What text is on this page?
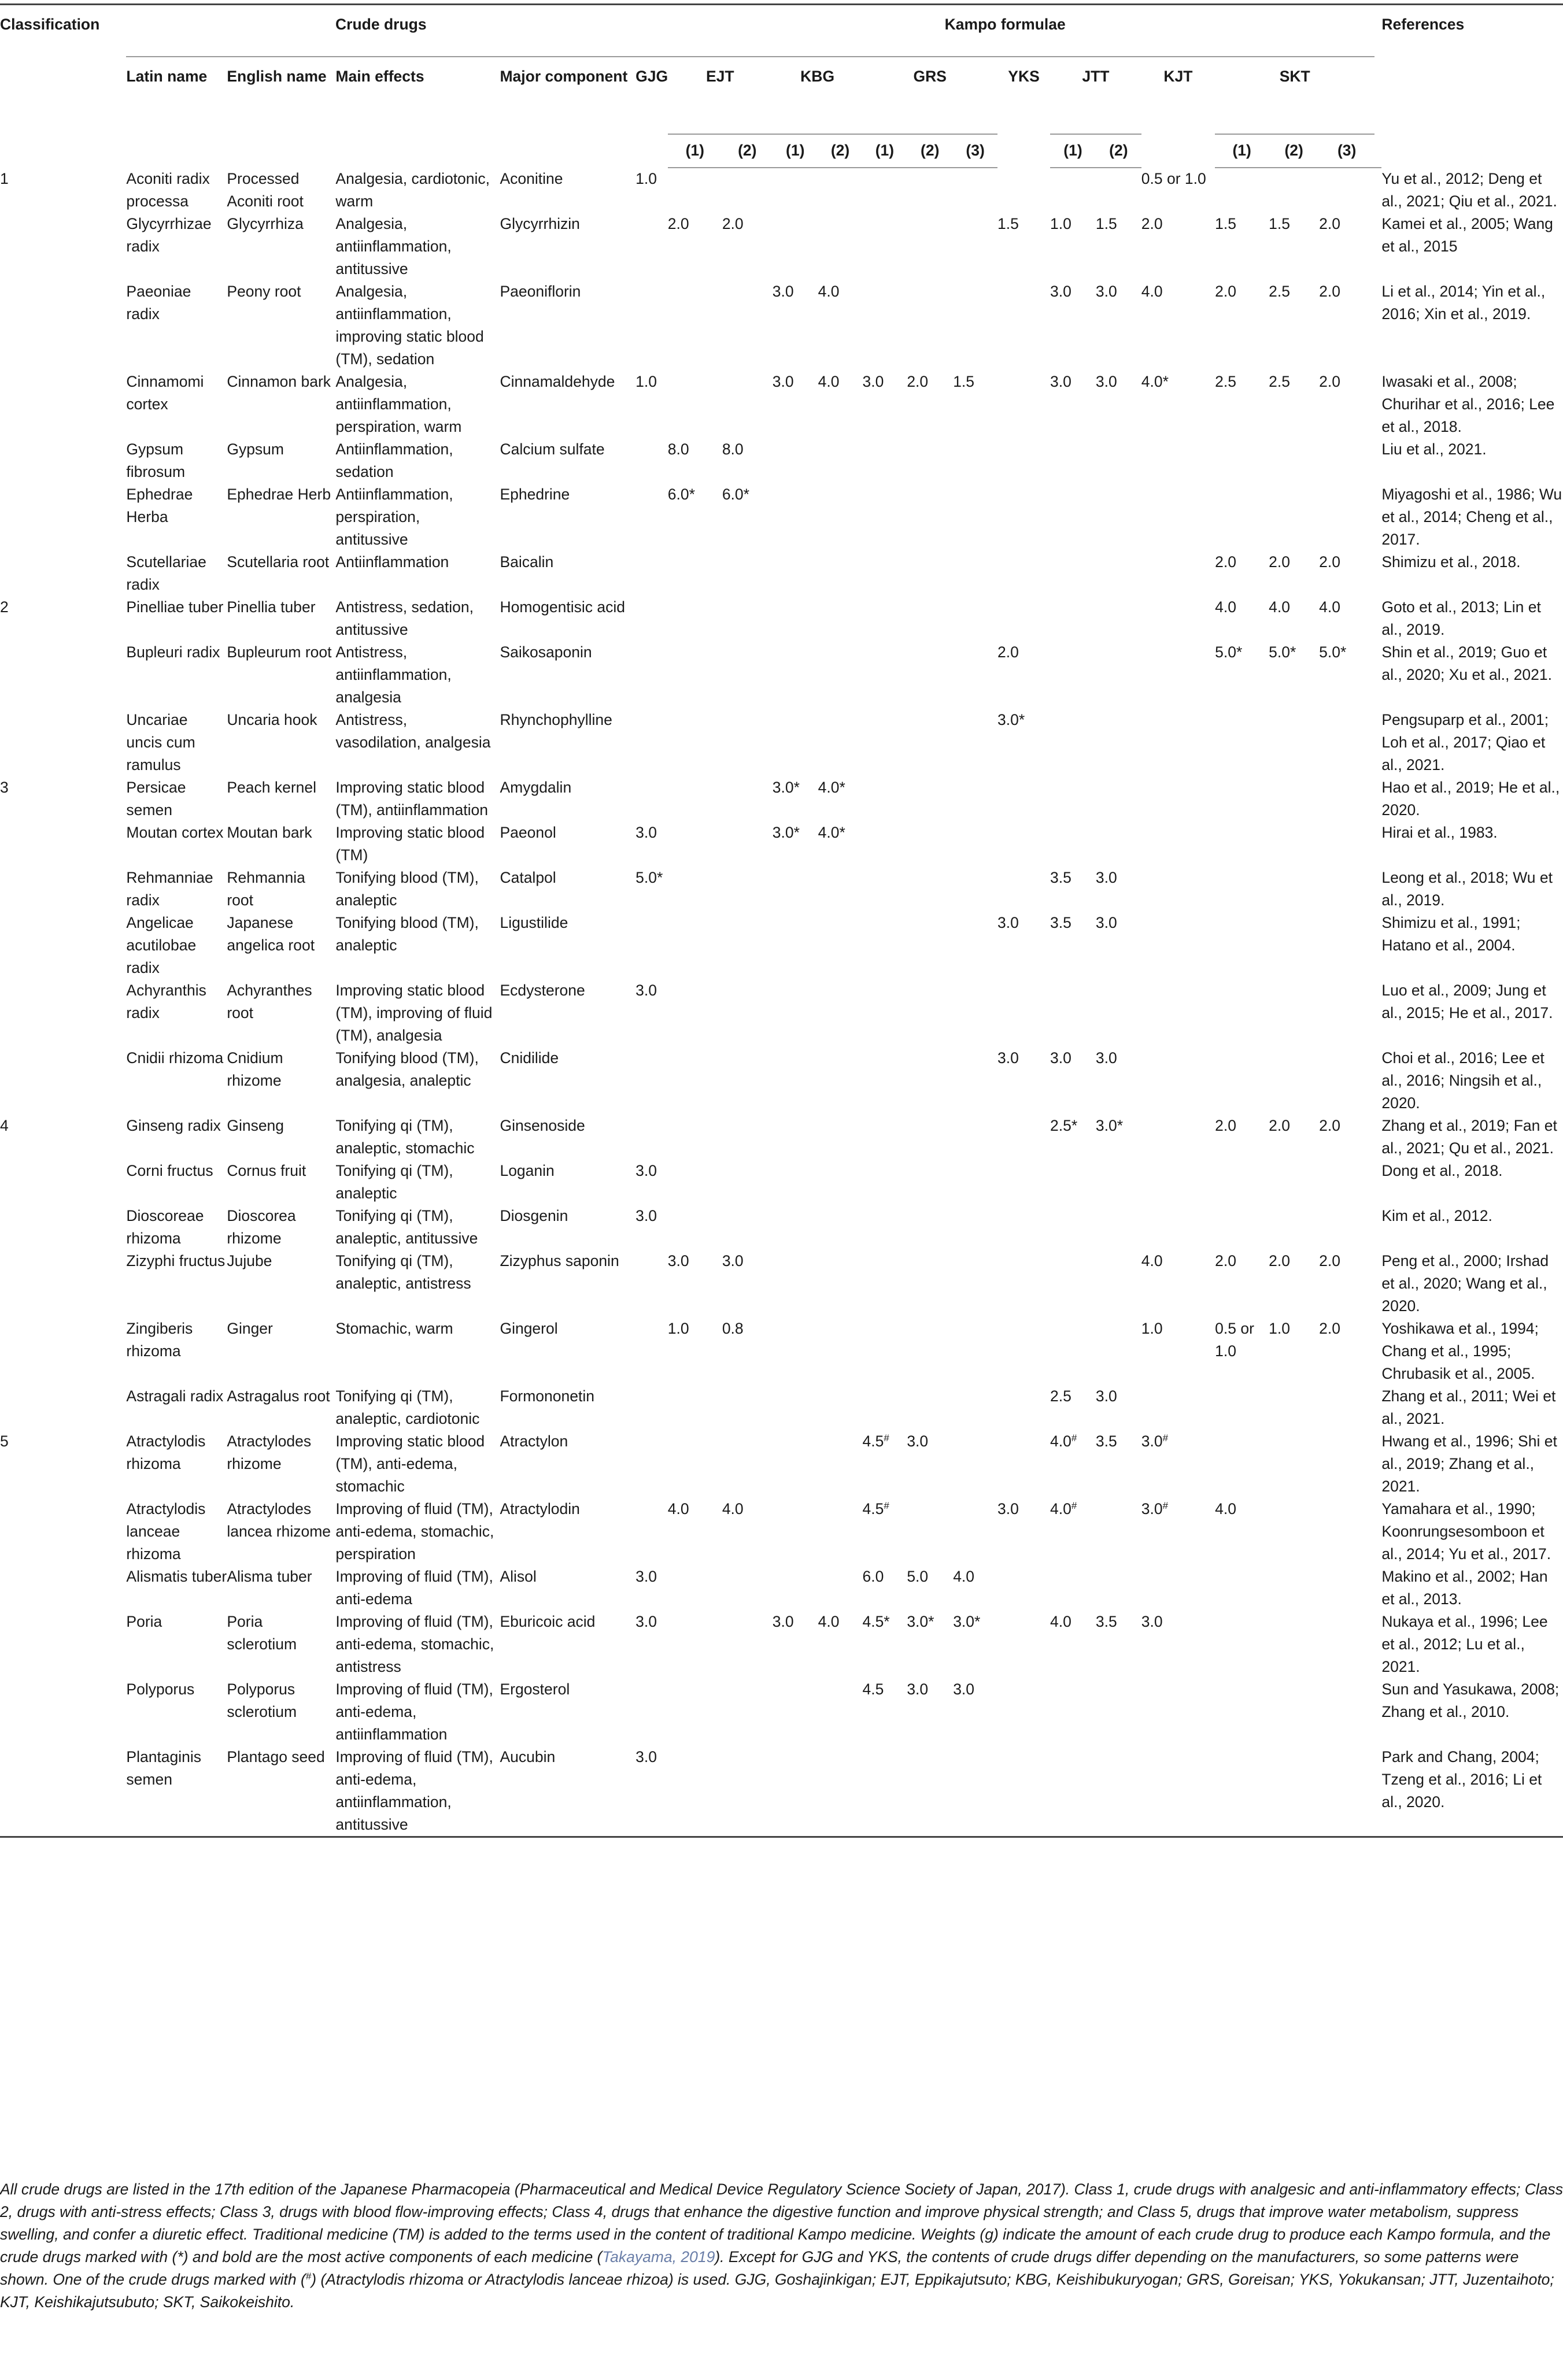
Classification	Crude drugs				Kampo formulae																References
	Latin name	English name	Main effects	Major component	GJG	EJT		KBG		GRS			YKS	JTT		KJT	SKT				
						(1)	(2)	(1)	(2)	(1)	(2)	(3)		(1)	(2)		(1)	(2)	(3)		
1	Aconiti radix processa	Processed Aconiti root	Analgesia, cardiotonic, warm	Aconitine	1.0											0.5 or 1.0					Yu et al., 2012; Deng et al., 2021; Qiu et al., 2021.
	Glycyrrhizae radix	Glycyrrhiza	Analgesia, antiinflammation, antitussive	Glycyrrhizin		2.0	2.0						1.5	1.0	1.5	2.0	1.5	1.5	2.0		Kamei et al., 2005; Wang et al., 2015
	Paeoniae radix	Peony root	Analgesia, antiinflammation, improving static blood (TM), sedation	Paeoniflorin				3.0	4.0					3.0	3.0	4.0	2.0	2.5	2.0		Li et al., 2014; Yin et al., 2016; Xin et al., 2019.
	Cinnamomi cortex	Cinnamon bark	Analgesia, antiinflammation, perspiration, warm	Cinnamaldehyde	1.0			3.0	4.0	3.0	2.0	1.5		3.0	3.0	4.0*	2.5	2.5	2.0		Iwasaki et al., 2008; Churihar et al., 2016; Lee et al., 2018.
	Gypsum fibrosum	Gypsum	Antiinflammation, sedation	Calcium sulfate		8.0	8.0														Liu et al., 2021.
	Ephedrae Herba	Ephedrae Herb	Antiinflammation, perspiration, antitussive	Ephedrine		6.0*	6.0*														Miyagoshi et al., 1986; Wu et al., 2014; Cheng et al., 2017.
	Scutellariae radix	Scutellaria root	Antiinflammation	Baicalin													2.0	2.0	2.0		Shimizu et al., 2018.
2	Pinelliae tuber	Pinellia tuber	Antistress, sedation, antitussive	Homogentisic acid													4.0	4.0	4.0		Goto et al., 2013; Lin et al., 2019.
	Bupleuri radix	Bupleurum root	Antistress, antiinflammation, analgesia	Saikosaponin									2.0				5.0*	5.0*	5.0*		Shin et al., 2019; Guo et al., 2020; Xu et al., 2021.
	Uncariae uncis cum ramulus	Uncaria hook	Antistress, vasodilation, analgesia	Rhynchophylline									3.0*								Pengsuparp et al., 2001; Loh et al., 2017; Qiao et al., 2021.
3	Persicae semen	Peach kernel	Improving static blood (TM), antiinflammation	Amygdalin				3.0*	4.0*												Hao et al., 2019; He et al., 2020.
	Moutan cortex	Moutan bark	Improving static blood (TM)	Paeonol	3.0			3.0*	4.0*												Hirai et al., 1983.
	Rehmanniae radix	Rehmannia root	Tonifying blood (TM), analeptic	Catalpol	5.0*									3.5	3.0						Leong et al., 2018; Wu et al., 2019.
	Angelicae acutilobae radix	Japanese angelica root	Tonifying blood (TM), analeptic	Ligustilide									3.0	3.5	3.0						Shimizu et al., 1991; Hatano et al., 2004.
	Achyranthis radix	Achyranthes root	Improving static blood (TM), improving of fluid (TM), analgesia	Ecdysterone	3.0																Luo et al., 2009; Jung et al., 2015; He et al., 2017.
	Cnidii rhizoma	Cnidium rhizome	Tonifying blood (TM), analgesia, analeptic	Cnidilide									3.0	3.0	3.0						Choi et al., 2016; Lee et al., 2016; Ningsih et al., 2020.
4	Ginseng radix	Ginseng	Tonifying qi (TM), analeptic, stomachic	Ginsenoside										2.5*	3.0*		2.0	2.0	2.0		Zhang et al., 2019; Fan et al., 2021; Qu et al., 2021.
	Corni fructus	Cornus fruit	Tonifying qi (TM), analeptic	Loganin	3.0																Dong et al., 2018.
	Dioscoreae rhizoma	Dioscorea rhizome	Tonifying qi (TM), analeptic, antitussive	Diosgenin	3.0																Kim et al., 2012.
	Zizyphi fructus	Jujube	Tonifying qi (TM), analeptic, antistress	Zizyphus saponin		3.0	3.0									4.0	2.0	2.0	2.0		Peng et al., 2000; Irshad et al., 2020; Wang et al., 2020.
	Zingiberis rhizoma	Ginger	Stomachic, warm	Gingerol		1.0	0.8									1.0	0.5 or 1.0	1.0	2.0		Yoshikawa et al., 1994; Chang et al., 1995; Chrubasik et al., 2005.
	Astragali radix	Astragalus root	Tonifying qi (TM), analeptic, cardiotonic	Formononetin										2.5	3.0						Zhang et al., 2011; Wei et al., 2021.
5	Atractylodis rhizoma	Atractylodes rhizome	Improving static blood (TM), anti-edema, stomachic	Atractylon						4.5#	3.0			4.0#	3.5	3.0#					Hwang et al., 1996; Shi et al., 2019; Zhang et al., 2021.
	Atractylodis lanceae rhizoma	Atractylodes lancea rhizome	Improving of fluid (TM), anti-edema, stomachic, perspiration	Atractylodin		4.0	4.0			4.5#			3.0	4.0#		3.0#	4.0				Yamahara et al., 1990; Koonrungsesomboon et al., 2014; Yu et al., 2017.
	Alismatis tuber	Alisma tuber	Improving of fluid (TM), anti-edema	Alisol	3.0					6.0	5.0	4.0									Makino et al., 2002; Han et al., 2013.
	Poria	Poria sclerotium	Improving of fluid (TM), anti-edema, stomachic, antistress	Eburicoic acid	3.0			3.0	4.0	4.5*	3.0*	3.0*		4.0	3.5	3.0					Nukaya et al., 1996; Lee et al., 2012; Lu et al., 2021.
	Polyporus	Polyporus sclerotium	Improving of fluid (TM), anti-edema, antiinflammation	Ergosterol						4.5	3.0	3.0									Sun and Yasukawa, 2008; Zhang et al., 2010.
	Plantaginis semen	Plantago seed	Improving of fluid (TM), anti-edema, antiinflammation, antitussive	Aucubin	3.0																Park and Chang, 2004; Tzeng et al., 2016; Li et al., 2020.
All crude drugs are listed in the 17th edition of the Japanese Pharmacopeia (Pharmaceutical and Medical Device Regulatory Science Society of Japan, 2017). Class 1, crude drugs with analgesic and anti-inflammatory effects; Class 2, drugs with anti-stress effects; Class 3, drugs with blood flow-improving effects; Class 4, drugs that enhance the digestive function and improve physical strength; and Class 5, drugs that improve water metabolism, suppress swelling, and confer a diuretic effect. Traditional medicine (TM) is added to the terms used in the content of traditional Kampo medicine. Weights (g) indicate the amount of each crude drug to produce each Kampo formula, and the crude drugs marked with (*) and bold are the most active components of each medicine (Takayama, 2019). Except for GJG and YKS, the contents of crude drugs differ depending on the manufacturers, so some patterns were shown. One of the crude drugs marked with (#) (Atractylodis rhizoma or Atractylodis lanceae rhizoa) is used. GJG, Goshajinkigan; EJT, Eppikajutsuto; KBG, Keishibukuryogan; GRS, Goreisan; YKS, Yokukansan; JTT, Juzentaihoto; KJT, Keishikajutsubuto; SKT, Saikokeishito.
